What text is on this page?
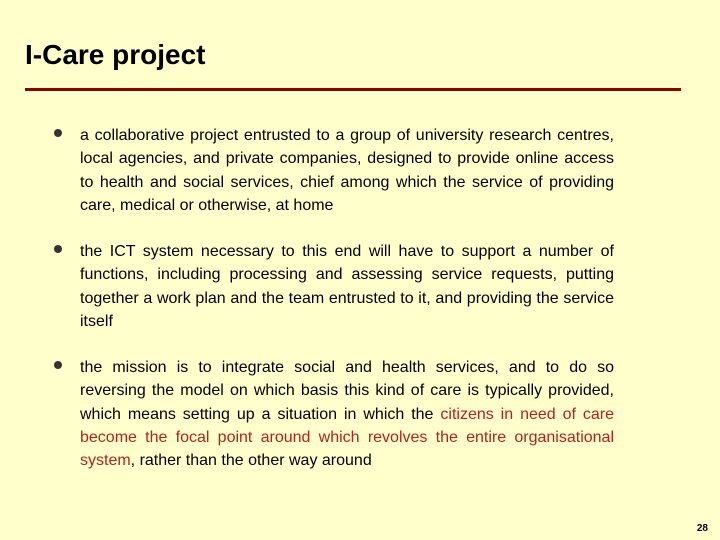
I-Care project
a collaborative project entrusted to a group of university research centres, local agencies, and private companies, designed to provide online access to health and social services, chief among which the service of providing care, medical or otherwise, at home
the ICT system necessary to this end will have to support a number of functions, including processing and assessing service requests, putting together a work plan and the team entrusted to it, and providing the service itself
the mission is to integrate social and health services, and to do so reversing the model on which basis this kind of care is typically provided, which means setting up a situation in which the citizens in need of care become the focal point around which revolves the entire organisational system, rather than the other way around
28
